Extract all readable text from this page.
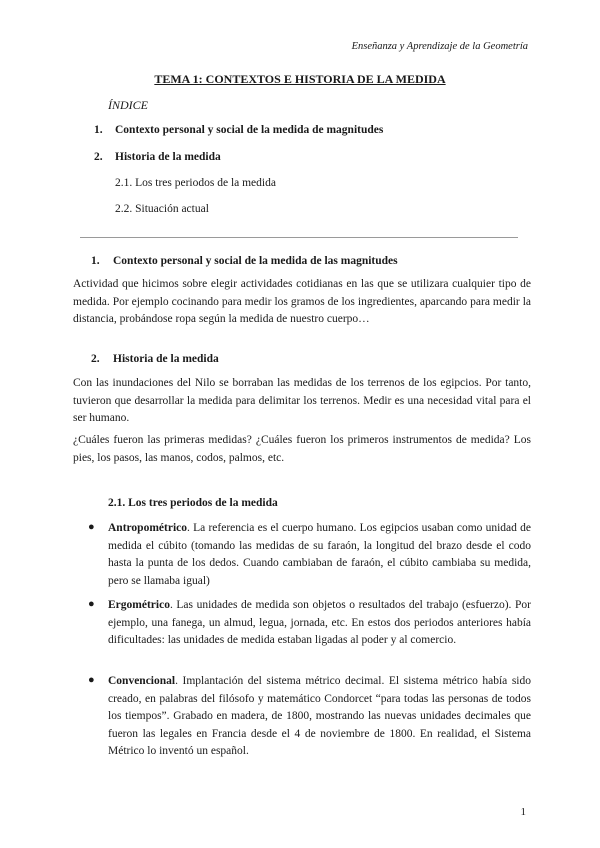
Enseñanza y Aprendizaje de la Geometría
TEMA 1: CONTEXTOS E HISTORIA DE LA MEDIDA
ÍNDICE
1. Contexto personal y social de la medida de magnitudes
2. Historia de la medida
2.1. Los tres periodos de la medida
2.2. Situación actual
1. Contexto personal y social de la medida de las magnitudes
Actividad que hicimos sobre elegir actividades cotidianas en las que se utilizara cualquier tipo de medida. Por ejemplo cocinando para medir los gramos de los ingredientes, aparcando para medir la distancia, probándose ropa según la medida de nuestro cuerpo…
2. Historia de la medida
Con las inundaciones del Nilo se borraban las medidas de los terrenos de los egipcios. Por tanto, tuvieron que desarrollar la medida para delimitar los terrenos. Medir es una necesidad vital para el ser humano.
¿Cuáles fueron las primeras medidas? ¿Cuáles fueron los primeros instrumentos de medida? Los pies, los pasos, las manos, codos, palmos, etc.
2.1. Los tres periodos de la medida
● Antropométrico. La referencia es el cuerpo humano. Los egipcios usaban como unidad de medida el cúbito (tomando las medidas de su faraón, la longitud del brazo desde el codo hasta la punta de los dedos. Cuando cambiaban de faraón, el cúbito cambiaba su medida, pero se llamaba igual)
● Ergométrico. Las unidades de medida son objetos o resultados del trabajo (esfuerzo). Por ejemplo, una fanega, un almud, legua, jornada, etc. En estos dos periodos anteriores había dificultades: las unidades de medida estaban ligadas al poder y al comercio.
● Convencional. Implantación del sistema métrico decimal. El sistema métrico había sido creado, en palabras del filósofo y matemático Condorcet “para todas las personas de todos los tiempos”. Grabado en madera, de 1800, mostrando las nuevas unidades decimales que fueron las legales en Francia desde el 4 de noviembre de 1800. En realidad, el Sistema Métrico lo inventó un español.
1
